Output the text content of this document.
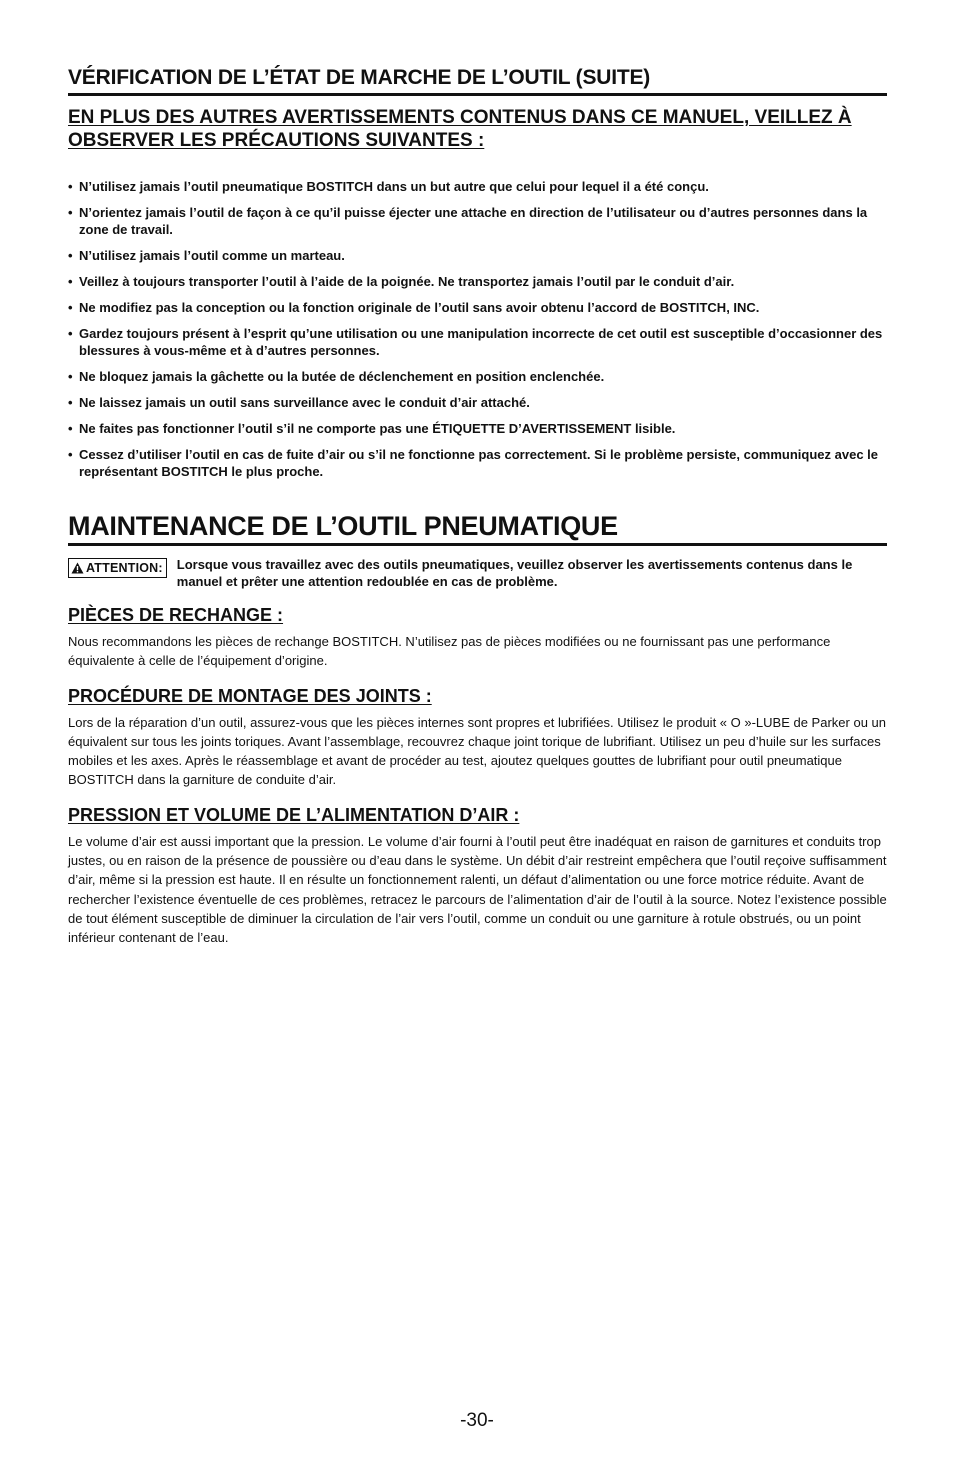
VÉRIFICATION DE L’ÉTAT DE MARCHE DE L’OUTIL (SUITE)
EN PLUS DES AUTRES AVERTISSEMENTS CONTENUS DANS CE MANUEL, VEILLEZ À OBSERVER LES PRÉCAUTIONS SUIVANTES :
• N’utilisez jamais l’outil pneumatique BOSTITCH dans un but autre que celui pour lequel il a été conçu.
• N’orientez jamais l’outil de façon à ce qu’il puisse éjecter une attache en direction de l’utilisateur ou d’autres personnes dans la zone de travail.
• N’utilisez jamais l’outil comme un marteau.
• Veillez à toujours transporter l’outil à l’aide de la poignée. Ne transportez jamais l’outil par le conduit d’air.
• Ne modifiez pas la conception ou la fonction originale de l’outil sans avoir obtenu l’accord de BOSTITCH, INC.
• Gardez toujours présent à l’esprit qu’une utilisation ou une manipulation incorrecte de cet outil est susceptible d’occasionner des blessures à vous-même et à d’autres personnes.
• Ne bloquez jamais la gâchette ou la butée de déclenchement en position enclenchée.
• Ne laissez jamais un outil sans surveillance avec le conduit d’air attaché.
• Ne faites pas fonctionner l’outil s’il ne comporte pas une ÉTIQUETTE D’AVERTISSEMENT lisible.
• Cessez d’utiliser l’outil en cas de fuite d’air ou s’il ne fonctionne pas correctement. Si le problème persiste, communiquez avec le représentant BOSTITCH le plus proche.
MAINTENANCE DE L’OUTIL PNEUMATIQUE
ATTENTION: Lorsque vous travaillez avec des outils pneumatiques, veuillez observer les avertissements contenus dans le manuel et prêter une attention redoublée en cas de problème.
PIÈCES DE RECHANGE :

Nous recommandons les pièces de rechange BOSTITCH. N’utilisez pas de pièces modifiées ou ne fournissant pas une performance équivalente à celle de l’équipement d’origine.

PROCÉDURE DE MONTAGE DES JOINTS :

Lors de la réparation d’un outil, assurez-vous que les pièces internes sont propres et lubrifiées. Utilisez le produit « O »-LUBE de Parker ou un équivalent sur tous les joints toriques. Avant l’assemblage, recouvrez chaque joint torique de lubrifiant. Utilisez un peu d’huile sur les surfaces mobiles et les axes. Après le réassemblage et avant de procéder au test, ajoutez quelques gouttes de lubrifiant pour outil pneumatique BOSTITCH dans la garniture de conduite d’air.

PRESSION ET VOLUME DE L’ALIMENTATION D’AIR :

Le volume d’air est aussi important que la pression. Le volume d’air fourni à l’outil peut être inadéquat en raison de garnitures et conduits trop justes, ou en raison de la présence de poussière ou d’eau dans le système. Un débit d’air restreint empêchera que l’outil reçoive suffisamment d’air, même si la pression est haute. Il en résulte un fonctionnement ralenti, un défaut d’alimentation ou une force motrice réduite. Avant de rechercher l’existence éventuelle de ces problèmes, retracez le parcours de l’alimentation d’air de l’outil à la source. Notez l’existence possible de tout élément susceptible de diminuer la circulation de l’air vers l’outil, comme un conduit ou une garniture à rotule obstrués, ou un point inférieur contenant de l’eau.

-30-
